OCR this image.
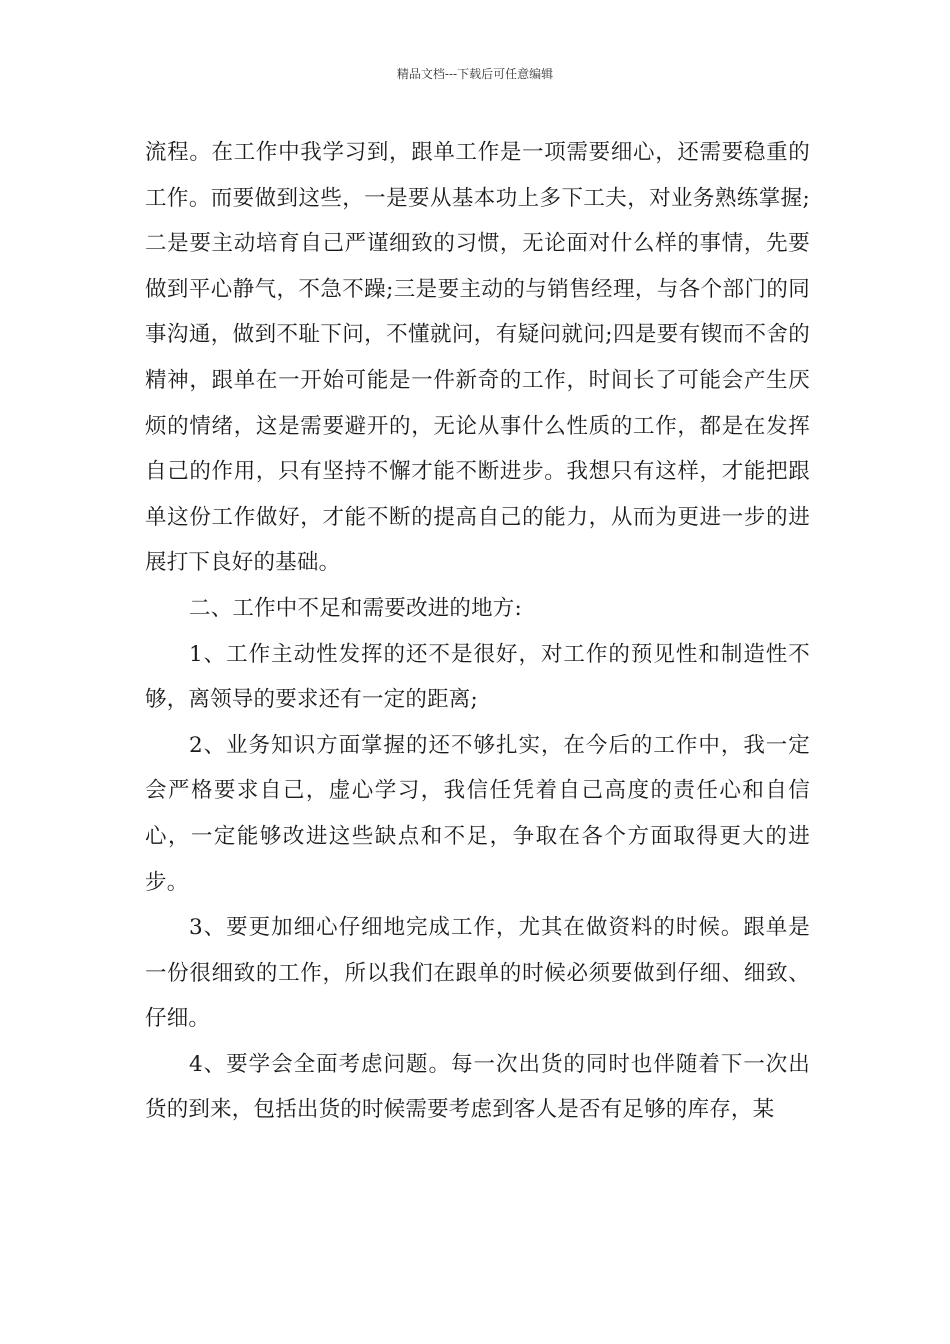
精品文档---下载后可任意编辑

流程。在工作中我学习到，跟单工作是一项需要细心，还需要稳重的工作。而要做到这些，一是要从基本功上多下工夫，对业务熟练掌握;二是要主动培育自己严谨细致的习惯，无论面对什么样的事情，先要做到平心静气，不急不躁;三是要主动的与销售经理，与各个部门的同事沟通，做到不耻下问，不懂就问，有疑问就问;四是要有锲而不舍的精神，跟单在一开始可能是一件新奇的工作，时间长了可能会产生厌烦的情绪，这是需要避开的，无论从事什么性质的工作，都是在发挥自己的作用，只有坚持不懈才能不断进步。我想只有这样，才能把跟单这份工作做好，才能不断的提高自己的能力，从而为更进一步的进展打下良好的基础。

二、工作中不足和需要改进的地方:

1、工作主动性发挥的还不是很好，对工作的预见性和制造性不够，离领导的要求还有一定的距离;

2、业务知识方面掌握的还不够扎实，在今后的工作中，我一定会严格要求自己，虚心学习，我信任凭着自己高度的责任心和自信心，一定能够改进这些缺点和不足，争取在各个方面取得更大的进步。

3、要更加细心仔细地完成工作，尤其在做资料的时候。跟单是一份很细致的工作，所以我们在跟单的时候必须要做到仔细、细致、仔细。

4、要学会全面考虑问题。每一次出货的同时也伴随着下一次出货的到来，包括出货的时候需要考虑到客人是否有足够的库存，某
